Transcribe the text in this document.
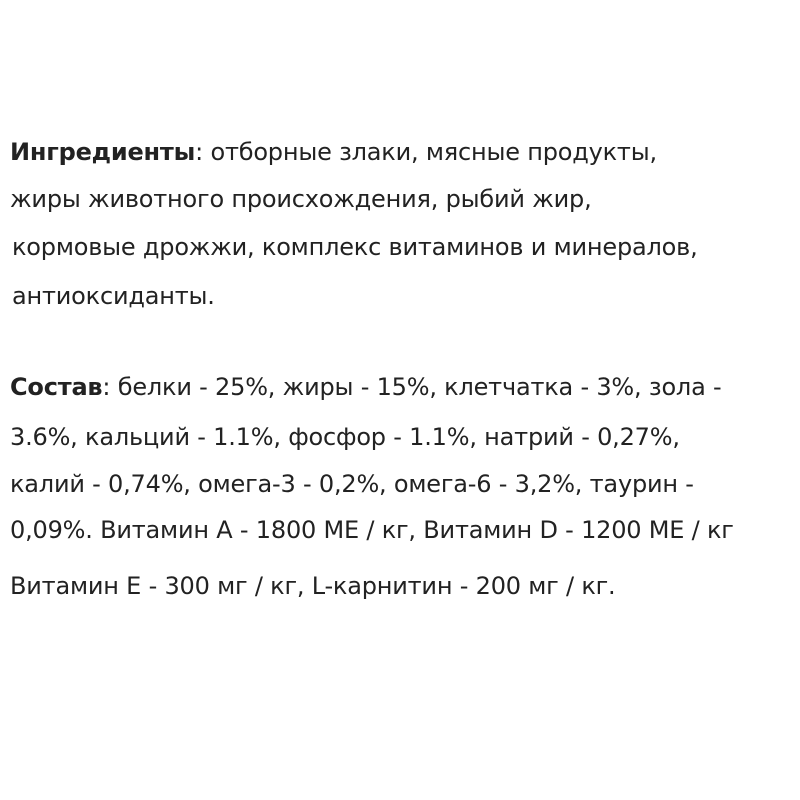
Ингредиенты: отборные злаки, мясные продукты,
жиры животного происхождения, рыбий жир,
кормовые дрожжи, комплекс витаминов и минералов,
антиоксиданты.
Состав: белки - 25%, жиры - 15%, клетчатка - 3%, зола -
3.6%, кальций - 1.1%, фосфор - 1.1%, натрий - 0,27%,
калий - 0,74%, омега-3 - 0,2%, омега-6 - 3,2%, таурин -
0,09%. Витамин А - 1800 МЕ / кг, Витамин D - 1200 МЕ / кг
Витамин Е - 300 мг / кг, L-карнитин - 200 мг / кг.
